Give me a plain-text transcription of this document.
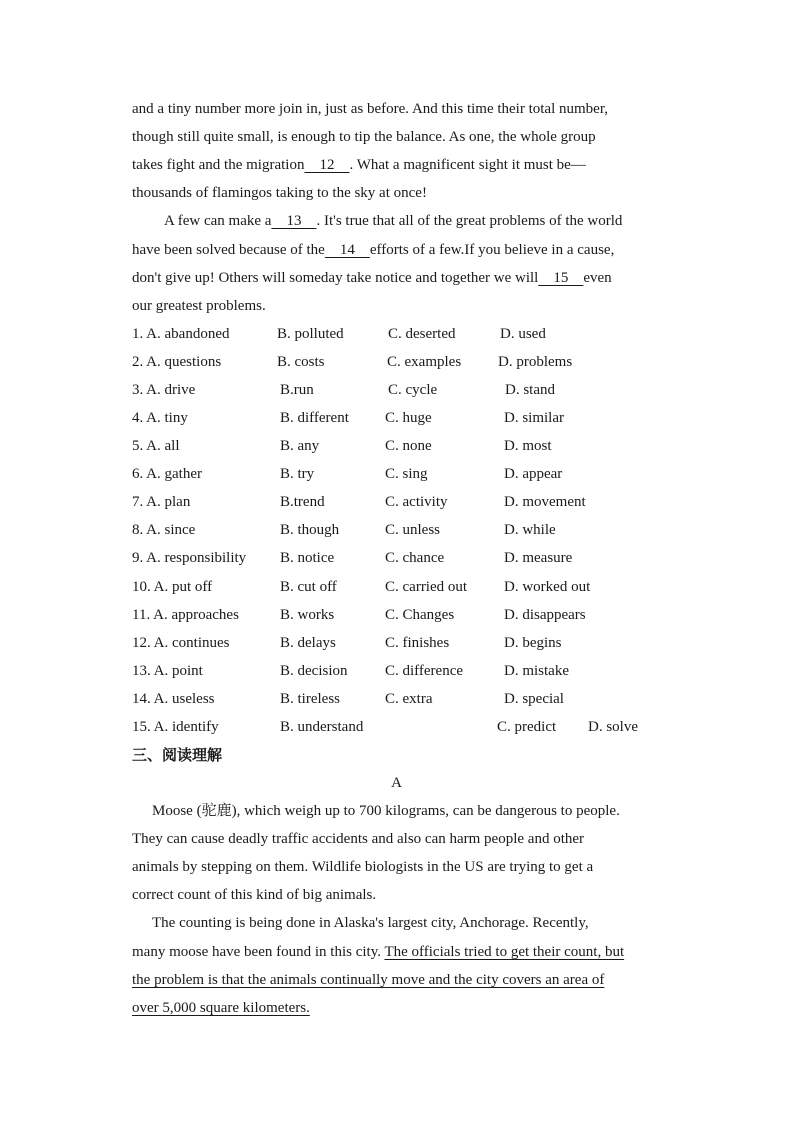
and a tiny number more join in, just as before. And this time their total number,
though still quite small, is enough to tip the balance. As one, the whole group
takes fight and the migration    12    . What a magnificent sight it must be—
thousands of flamingos taking to the sky at once!
A few can make a    13    . It's true that all of the great problems of the world
have been solved because of the    14    efforts of a few.If you believe in a cause,
don't give up! Others will someday take notice and together we will    15    even
our greatest problems.
1. A. abandoned	B. polluted	C. deserted	D. used
2. A. questions	B. costs	C. examples D. problems
3. A. drive	B.run	C. cycle	D. stand
4. A. tiny	B. different C. huge	D. similar
5. A. all	B. any	C. none	D. most
6. A. gather	B. try	C. sing	D. appear
7. A. plan	B.trend	C. activity	D. movement
8. A. since	B. though	C. unless	D. while
9. A. responsibility B. notice	C. chance	D. measure
10. A. put off	B. cut off	C. carried out D. worked out
11. A. approaches	B. works	C. Changes	D. disappears
12. A. continues	B. delays	C. finishes	D. begins
13. A. point	B. decision	C. difference	D. mistake
14. A. useless	B. tireless	C. extra	D. special
15. A. identify	B. understand	C. predict D. solve
三、阅读理解
A
Moose (驼鹿), which weigh up to 700 kilograms, can be dangerous to people.
They can cause deadly traffic accidents and also can harm people and other
animals by stepping on them. Wildlife biologists in the US are trying to get a
correct count of this kind of big animals.
The counting is being done in Alaska's largest city, Anchorage. Recently,
many moose have been found in this city. The officials tried to get their count, but
the problem is that the animals continually move and the city covers an area of
over 5,000 square kilometers.
